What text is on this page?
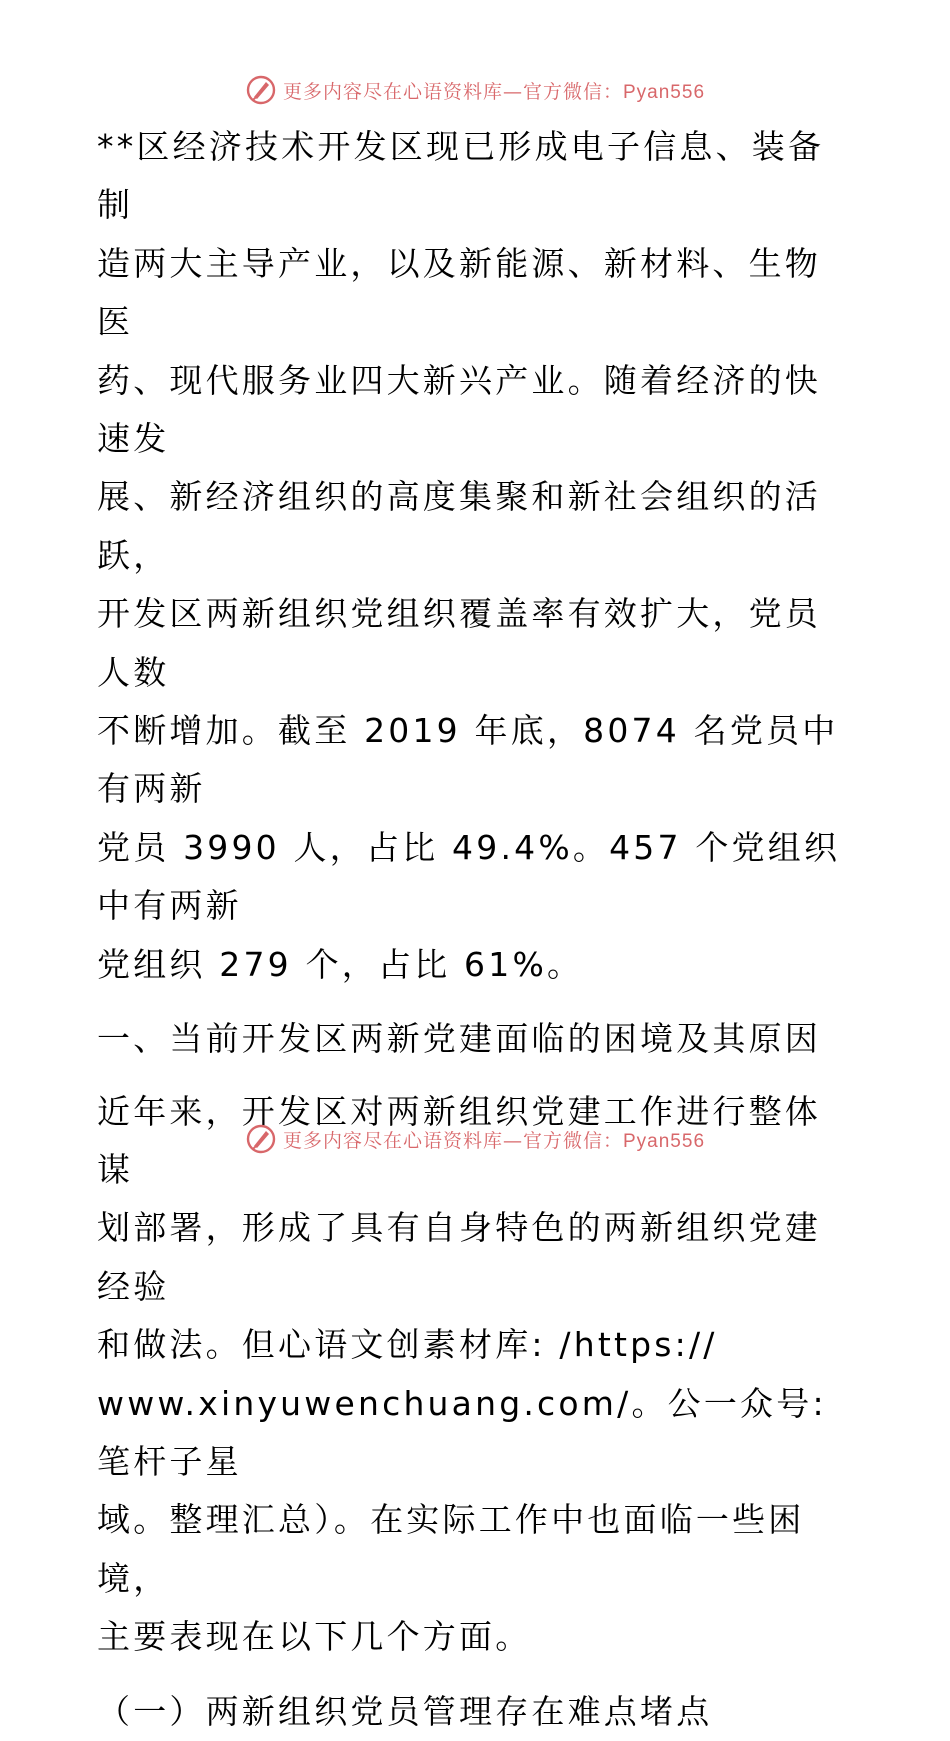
更多内容尽在心语资料库—官方微信：Pyan556
**区经济技术开发区现已形成电子信息、装备制
造两大主导产业，以及新能源、新材料、生物医
药、现代服务业四大新兴产业。随着经济的快速发
展、新经济组织的高度集聚和新社会组织的活跃，
开发区两新组织党组织覆盖率有效扩大，党员人数
不断增加。截至 2019 年底，8074 名党员中有两新
党员 3990 人，占比 49.4%。457 个党组织中有两新
党组织 279 个，占比 61%。
一、当前开发区两新党建面临的困境及其原因
近年来，开发区对两新组织党建工作进行整体谋
划部署，形成了具有自身特色的两新组织党建经验
和做法。但心语文创素材库: /https://
www.xinyuwenchuang.com/。公一众号: 笔杆子星
域。整理汇总）。在实际工作中也面临一些困境，
主要表现在以下几个方面。
（一）两新组织党员管理存在难点堵点
更多内容尽在心语资料库—官方微信：Pyan556
